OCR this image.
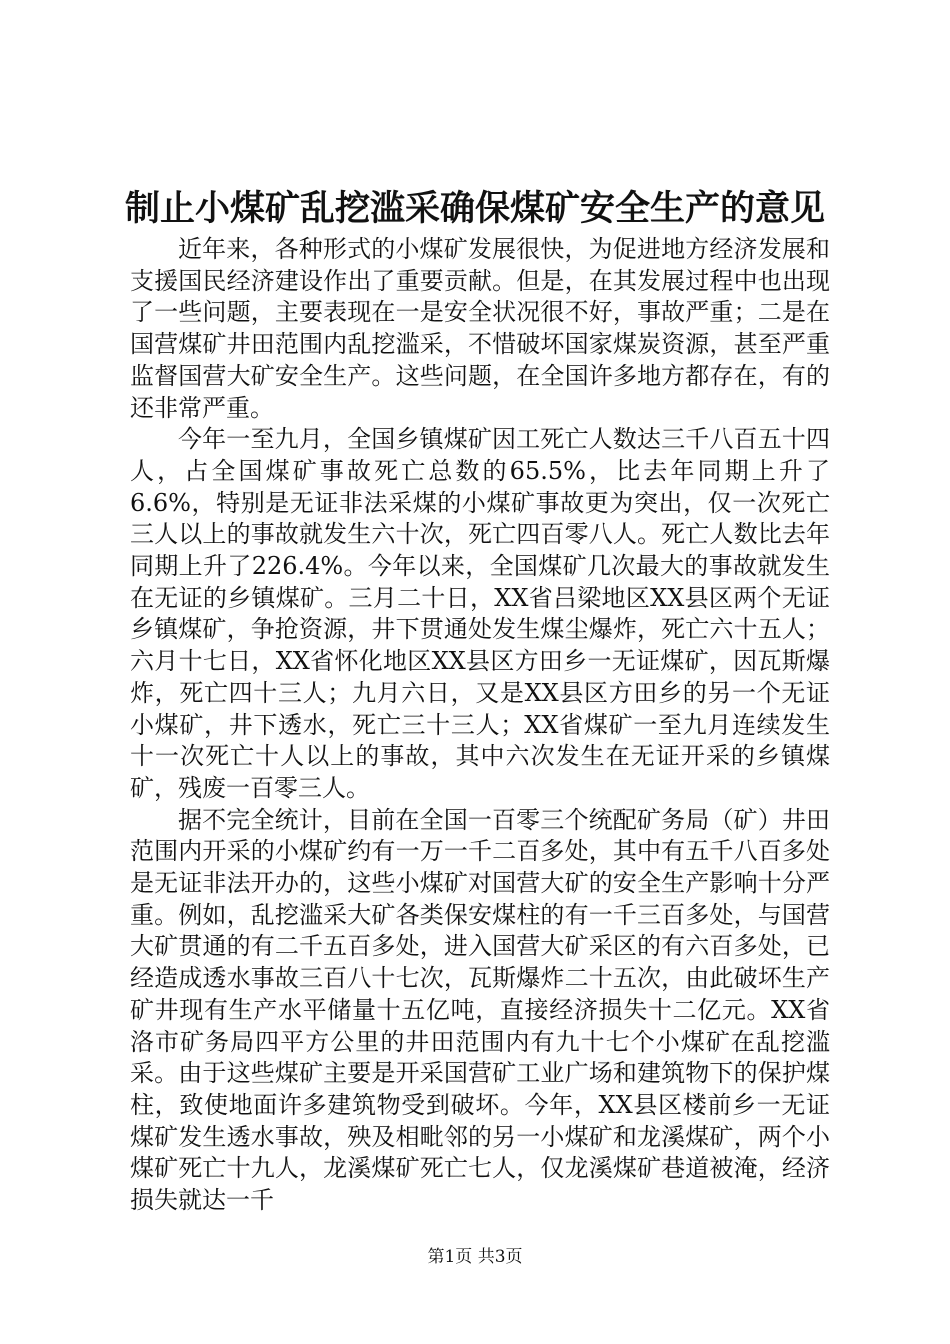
制止小煤矿乱挖滥采确保煤矿安全生产的意见

近年来，各种形式的小煤矿发展很快，为促进地方经济发展和支援国民经济建设作出了重要贡献。但是，在其发展过程中也出现了一些问题，主要表现在一是安全状况很不好，事故严重；二是在国营煤矿井田范围内乱挖滥采，不惜破坏国家煤炭资源，甚至严重监督国营大矿安全生产。这些问题，在全国许多地方都存在，有的还非常严重。

今年一至九月，全国乡镇煤矿因工死亡人数达三千八百五十四人，占全国煤矿事故死亡总数的65.5%，比去年同期上升了6.6%，特别是无证非法采煤的小煤矿事故更为突出，仅一次死亡三人以上的事故就发生六十次，死亡四百零八人。死亡人数比去年同期上升了226.4%。今年以来，全国煤矿几次最大的事故就发生在无证的乡镇煤矿。三月二十日，XX省吕梁地区XX县区两个无证乡镇煤矿，争抢资源，井下贯通处发生煤尘爆炸，死亡六十五人；六月十七日，XX省怀化地区XX县区方田乡一无证煤矿，因瓦斯爆炸，死亡四十三人；九月六日，又是XX县区方田乡的另一个无证小煤矿，井下透水，死亡三十三人；XX省煤矿一至九月连续发生十一次死亡十人以上的事故，其中六次发生在无证开采的乡镇煤矿，残废一百零三人。

据不完全统计，目前在全国一百零三个统配矿务局（矿）井田范围内开采的小煤矿约有一万一千二百多处，其中有五千八百多处是无证非法开办的，这些小煤矿对国营大矿的安全生产影响十分严重。例如，乱挖滥采大矿各类保安煤柱的有一千三百多处，与国营大矿贯通的有二千五百多处，进入国营大矿采区的有六百多处，已经造成透水事故三百八十七次，瓦斯爆炸二十五次，由此破坏生产矿井现有生产水平储量十五亿吨，直接经济损失十二亿元。XX省洛市矿务局四平方公里的井田范围内有九十七个小煤矿在乱挖滥采。由于这些煤矿主要是开采国营矿工业广场和建筑物下的保护煤柱，致使地面许多建筑物受到破坏。今年，XX县区楼前乡一无证煤矿发生透水事故，殃及相毗邻的另一小煤矿和龙溪煤矿，两个小煤矿死亡十九人，龙溪煤矿死亡七人，仅龙溪煤矿巷道被淹，经济损失就达一千

第1页 共3页
